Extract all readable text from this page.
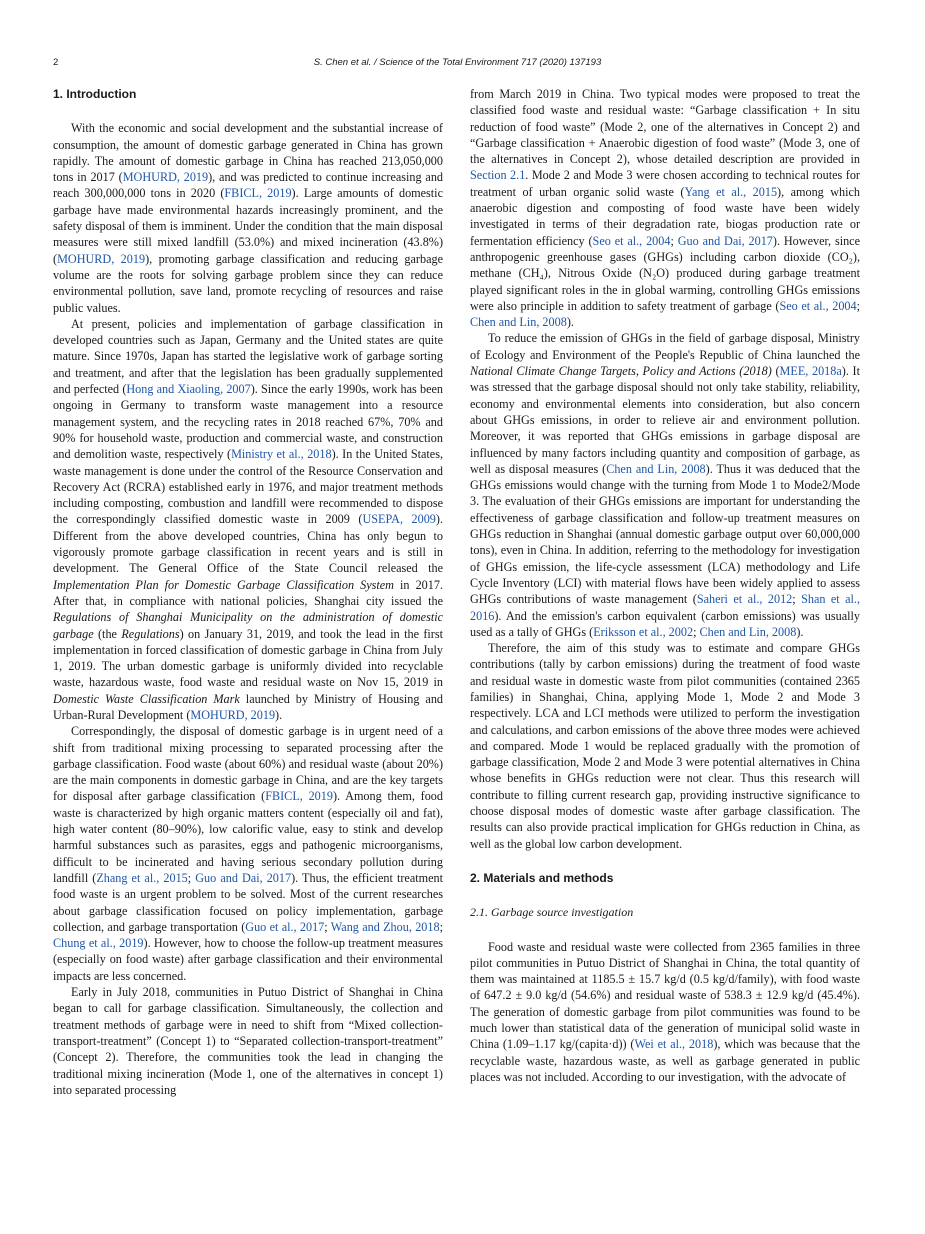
2	S. Chen et al. / Science of the Total Environment 717 (2020) 137193
1. Introduction

With the economic and social development and the substantial increase of consumption, the amount of domestic garbage generated in China has grown rapidly. The amount of domestic garbage in China has reached 213,050,000 tons in 2017 (MOHURD, 2019), and was predicted to continue increasing and reach 300,000,000 tons in 2020 (FBICL, 2019). Large amounts of domestic garbage have made environmental hazards increasingly prominent, and the safety disposal of them is imminent. Under the condition that the main disposal measures were still mixed landfill (53.0%) and mixed incineration (43.8%) (MOHURD, 2019), promoting garbage classification and reducing garbage volume are the roots for solving garbage problem since they can reduce environmental pollution, save land, promote recycling of resources and raise public values.

At present, policies and implementation of garbage classification in developed countries such as Japan, Germany and the United states are quite mature. Since 1970s, Japan has started the legislative work of garbage sorting and treatment, and after that the legislation has been gradually supplemented and perfected (Hong and Xiaoling, 2007). Since the early 1990s, work has been ongoing in Germany to transform waste management into a resource management system, and the recycling rates in 2018 reached 67%, 70% and 90% for household waste, production and commercial waste, and construction and demolition waste, respectively (Ministry et al., 2018). In the United States, waste management is done under the control of the Resource Conservation and Recovery Act (RCRA) established early in 1976, and major treatment methods including composting, combustion and landfill were recommended to dispose the correspondingly classified domestic waste in 2009 (USEPA, 2009). Different from the above developed countries, China has only begun to vigorously promote garbage classification in recent years and is still in development. The General Office of the State Council released the Implementation Plan for Domestic Garbage Classification System in 2017. After that, in compliance with national policies, Shanghai city issued the Regulations of Shanghai Municipality on the administration of domestic garbage (the Regulations) on January 31, 2019, and took the lead in the first implementation in forced classification of domestic garbage in China from July 1, 2019. The urban domestic garbage is uniformly divided into recyclable waste, hazardous waste, food waste and residual waste on Nov 15, 2019 in Domestic Waste Classification Mark launched by Ministry of Housing and Urban-Rural Development (MOHURD, 2019).

Correspondingly, the disposal of domestic garbage is in urgent need of a shift from traditional mixing processing to separated processing after the garbage classification. Food waste (about 60%) and residual waste (about 20%) are the main components in domestic garbage in China, and are the key targets for disposal after garbage classification (FBICL, 2019). Among them, food waste is characterized by high organic matters content (especially oil and fat), high water content (80–90%), low calorific value, easy to stink and develop harmful substances such as parasites, eggs and pathogenic microorganisms, difficult to be incinerated and having serious secondary pollution during landfill (Zhang et al., 2015; Guo and Dai, 2017). Thus, the efficient treatment food waste is an urgent problem to be solved. Most of the current researches about garbage classification focused on policy implementation, garbage collection, and garbage transportation (Guo et al., 2017; Wang and Zhou, 2018; Chung et al., 2019). However, how to choose the follow-up treatment measures (especially on food waste) after garbage classification and their environmental impacts are less concerned.

Early in July 2018, communities in Putuo District of Shanghai in China began to call for garbage classification. Simultaneously, the collection and treatment methods of garbage were in need to shift from “Mixed collection-transport-treatment” (Concept 1) to “Separated collection-transport-treatment” (Concept 2). Therefore, the communities took the lead in changing the traditional mixing incineration (Mode 1, one of the alternatives in concept 1) into separated processing

from March 2019 in China. Two typical modes were proposed to treat the classified food waste and residual waste: “Garbage classification + In situ reduction of food waste” (Mode 2, one of the alternatives in Concept 2) and “Garbage classification + Anaerobic digestion of food waste” (Mode 3, one of the alternatives in Concept 2), whose detailed description are provided in Section 2.1. Mode 2 and Mode 3 were chosen according to technical routes for treatment of urban organic solid waste (Yang et al., 2015), among which anaerobic digestion and composting of food waste have been widely investigated in terms of their degradation rate, biogas production rate or fermentation efficiency (Seo et al., 2004; Guo and Dai, 2017). However, since anthropogenic greenhouse gases (GHGs) including carbon dioxide (CO₂), methane (CH₄), Nitrous Oxide (N₂O) produced during garbage treatment played significant roles in the in global warming, controlling GHGs emissions were also principle in addition to safety treatment of garbage (Seo et al., 2004; Chen and Lin, 2008).

To reduce the emission of GHGs in the field of garbage disposal, Ministry of Ecology and Environment of the People's Republic of China launched the National Climate Change Targets, Policy and Actions (2018) (MEE, 2018a). It was stressed that the garbage disposal should not only take stability, reliability, economy and environmental elements into consideration, but also concern about GHGs emissions, in order to relieve air and environment pollution. Moreover, it was reported that GHGs emissions in garbage disposal are influenced by many factors including quantity and composition of garbage, as well as disposal measures (Chen and Lin, 2008). Thus it was deduced that the GHGs emissions would change with the turning from Mode 1 to Mode2/Mode 3. The evaluation of their GHGs emissions are important for understanding the effectiveness of garbage classification and follow-up treatment measures on GHGs reduction in Shanghai (annual domestic garbage output over 60,000,000 tons), even in China. In addition, referring to the methodology for investigation of GHGs emission, the life-cycle assessment (LCA) methodology and Life Cycle Inventory (LCI) with material flows have been widely applied to assess GHGs contributions of waste management (Saheri et al., 2012; Shan et al., 2016). And the emission's carbon equivalent (carbon emissions) was usually used as a tally of GHGs (Eriksson et al., 2002; Chen and Lin, 2008).

Therefore, the aim of this study was to estimate and compare GHGs contributions (tally by carbon emissions) during the treatment of food waste and residual waste in domestic waste from pilot communities (contained 2365 families) in Shanghai, China, applying Mode 1, Mode 2 and Mode 3 respectively. LCA and LCI methods were utilized to perform the investigation and calculations, and carbon emissions of the above three modes were achieved and compared. Mode 1 would be replaced gradually with the promotion of garbage classification, Mode 2 and Mode 3 were potential alternatives in China whose benefits in GHGs reduction were not clear. Thus this research will contribute to filling current research gap, providing instructive significance to choose disposal modes of domestic waste after garbage classification. The results can also provide practical implication for GHGs reduction in China, as well as the global low carbon development.

2. Materials and methods
2.1. Garbage source investigation

Food waste and residual waste were collected from 2365 families in three pilot communities in Putuo District of Shanghai in China, the total quantity of them was maintained at 1185.5 ± 15.7 kg/d (0.5 kg/d/family), with food waste of 647.2 ± 9.0 kg/d (54.6%) and residual waste of 538.3 ± 12.9 kg/d (45.4%). The generation of domestic garbage from pilot communities was found to be much lower than statistical data of the generation of municipal solid waste in China (1.09–1.17 kg/(capita·d)) (Wei et al., 2018), which was because that the recyclable waste, hazardous waste, as well as garbage generated in public places was not included. According to our investigation, with the advocate of
